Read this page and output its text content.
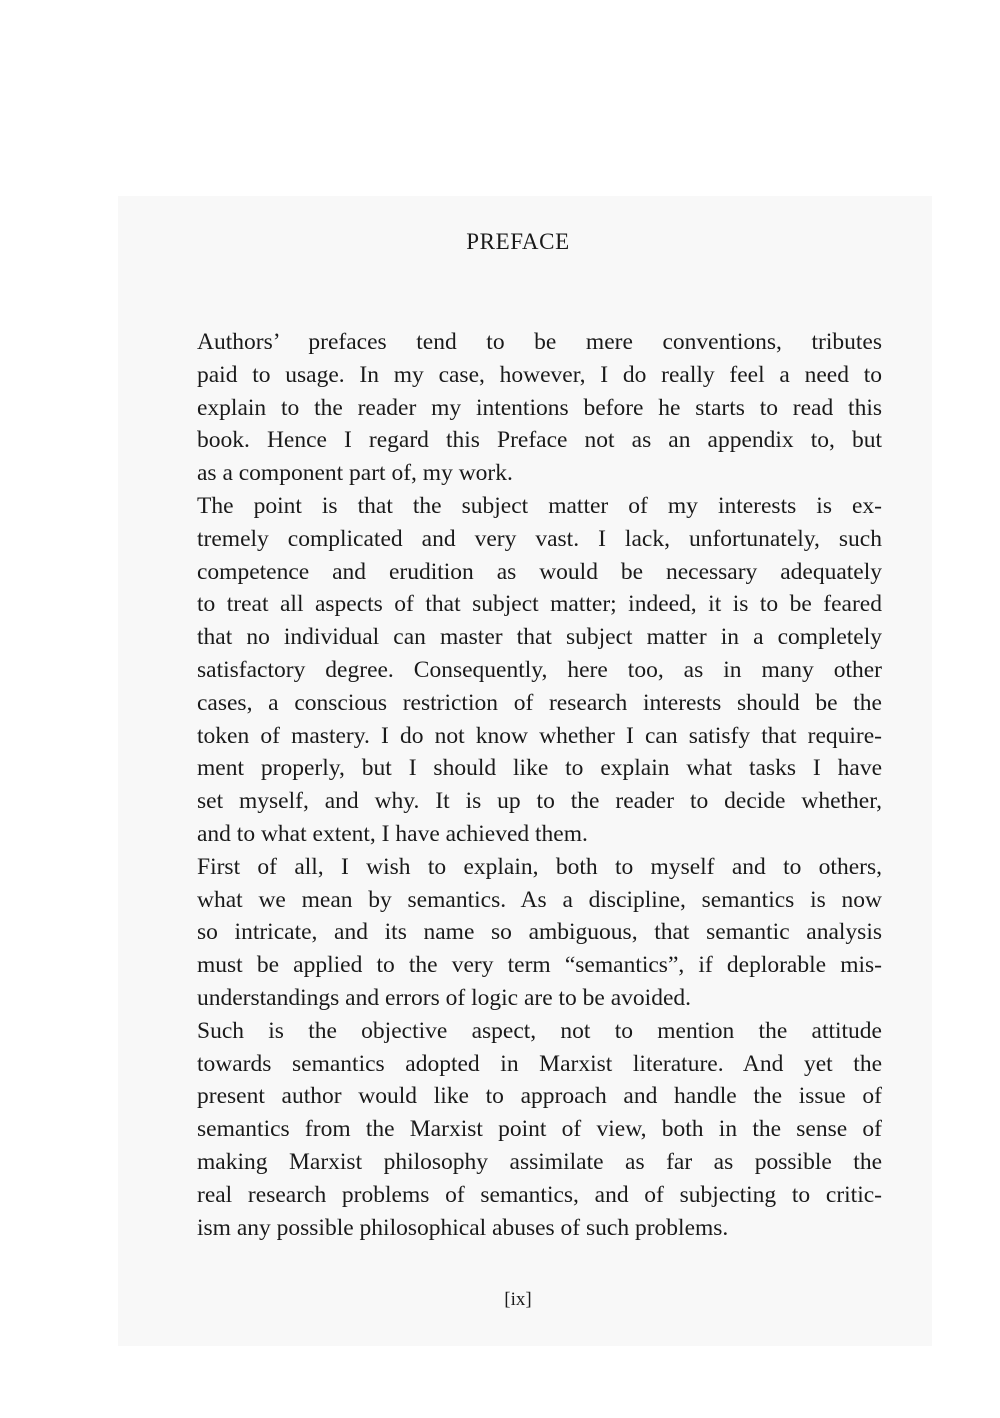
PREFACE

Authors’ prefaces tend to be mere conventions, tributes
paid to usage. In my case, however, I do really feel a need to
explain to the reader my intentions before he starts to read this
book. Hence I regard this Preface not as an appendix to, but
as a component part of, my work.

The point is that the subject matter of my interests is ex-
tremely complicated and very vast. I lack, unfortunately, such
competence and erudition as would be necessary adequately
to treat all aspects of that subject matter; indeed, it is to be feared
that no individual can master that subject matter in a completely
satisfactory degree. Consequently, here too, as in many other
cases, a conscious restriction of research interests should be the
token of mastery. I do not know whether I can satisfy that require-
ment properly, but I should like to explain what tasks I have
set myself, and why. It is up to the reader to decide whether,
and to what extent, I have achieved them.

First of all, I wish to explain, both to myself and to others,
what we mean by semantics. As a discipline, semantics is now
so intricate, and its name so ambiguous, that semantic analysis
must be applied to the very term “semantics”, if deplorable mis-
understandings and errors of logic are to be avoided.

Such is the objective aspect, not to mention the attitude
towards semantics adopted in Marxist literature. And yet the
present author would like to approach and handle the issue of
semantics from the Marxist point of view, both in the sense of
making Marxist philosophy assimilate as far as possible the
real research problems of semantics, and of subjecting to critic-
ism any possible philosophical abuses of such problems.

[ix]
